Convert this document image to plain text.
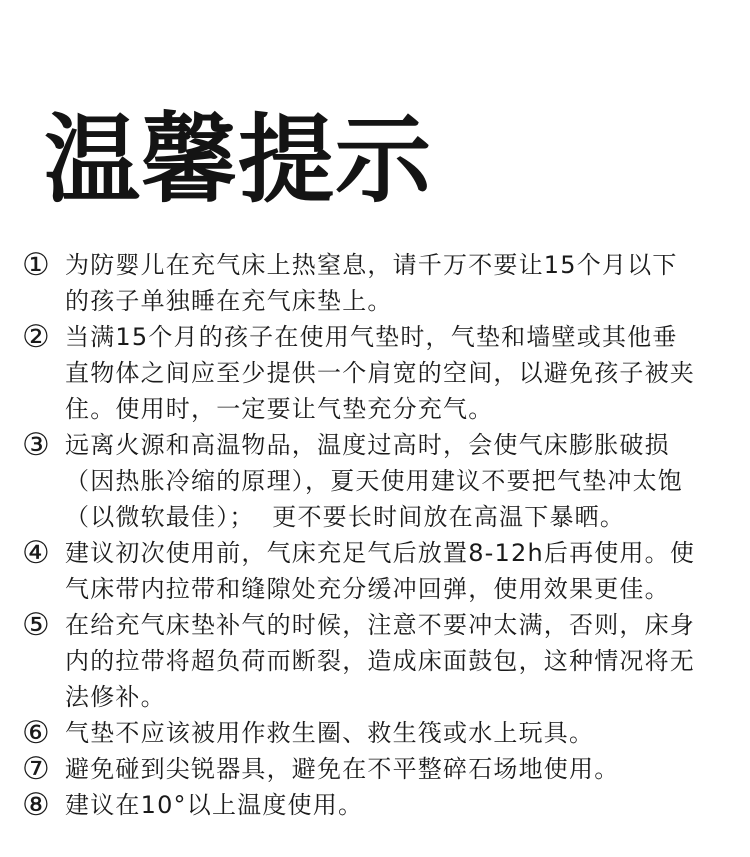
温馨提示
① 为防婴儿在充气床上热窒息，请千万不要让15个月以下
的孩子单独睡在充气床垫上。
② 当满15个月的孩子在使用气垫时，气垫和墙壁或其他垂
直物体之间应至少提供一个肩宽的空间，以避免孩子被夹
住。使用时，一定要让气垫充分充气。
③ 远离火源和高温物品，温度过高时，会使气床膨胀破损
（因热胀冷缩的原理），夏天使用建议不要把气垫冲太饱
（以微软最佳）；  更不要长时间放在高温下暴晒。
④ 建议初次使用前，气床充足气后放置8-12h后再使用。使
气床带内拉带和缝隙处充分缓冲回弹，使用效果更佳。
⑤ 在给充气床垫补气的时候，注意不要冲太满，否则，床身
内的拉带将超负荷而断裂，造成床面鼓包，这种情况将无
法修补。
⑥ 气垫不应该被用作救生圈、救生筏或水上玩具。
⑦ 避免碰到尖锐器具，避免在不平整碎石场地使用。
⑧ 建议在10°以上温度使用。
